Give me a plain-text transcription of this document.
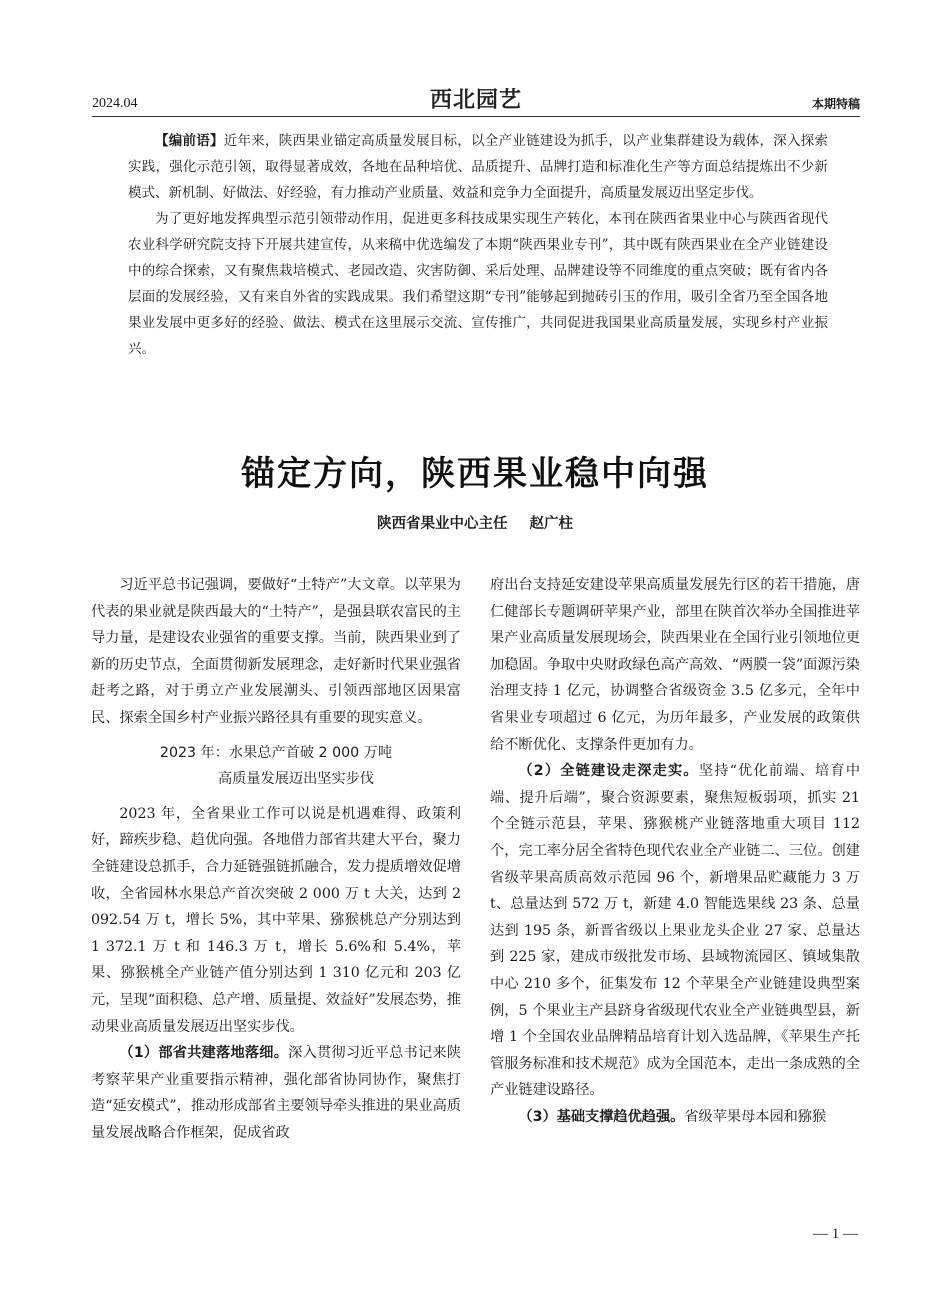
2024.04	西北园艺	本期特稿

【编前语】近年来，陕西果业锚定高质量发展目标，以全产业链建设为抓手，以产业集群建设为载体，深入探索实践，强化示范引领，取得显著成效，各地在品种培优、品质提升、品牌打造和标准化生产等方面总结提炼出不少新模式、新机制、好做法、好经验，有力推动产业质量、效益和竞争力全面提升，高质量发展迈出坚定步伐。

为了更好地发挥典型示范引领带动作用，促进更多科技成果实现生产转化，本刊在陕西省果业中心与陕西省现代农业科学研究院支持下开展共建宣传，从来稿中优选编发了本期“陕西果业专刊”，其中既有陕西果业在全产业链建设中的综合探索，又有聚焦栽培模式、老园改造、灾害防御、采后处理、品牌建设等不同维度的重点突破；既有省内各层面的发展经验，又有来自外省的实践成果。我们希望这期“专刊”能够起到抛砖引玉的作用，吸引全省乃至全国各地果业发展中更多好的经验、做法、模式在这里展示交流、宣传推广，共同促进我国果业高质量发展，实现乡村产业振兴。

锚定方向，陕西果业稳中向强
陕西省果业中心主任 赵广柱

习近平总书记强调，要做好“土特产”大文章。以苹果为代表的果业就是陕西最大的“土特产”，是强县联农富民的主导力量，是建设农业强省的重要支撑。当前，陕西果业到了新的历史节点，全面贯彻新发展理念，走好新时代果业强省赶考之路，对于勇立产业发展潮头、引领西部地区因果富民、探索全国乡村产业振兴路径具有重要的现实意义。

2023 年：水果总产首破 2 000 万吨
高质量发展迈出坚实步伐

2023 年，全省果业工作可以说是机遇难得、政策利好，蹄疾步稳、趋优向强。各地借力部省共建大平台，聚力全链建设总抓手，合力延链强链抓融合，发力提质增效促增收，全省园林水果总产首次突破 2 000 万 t 大关，达到 2 092.54 万 t，增长 5%，其中苹果、猕猴桃总产分别达到 1 372.1 万 t 和 146.3 万 t，增长 5.6%和 5.4%，苹果、猕猴桃全产业链产值分别达到 1 310 亿元和 203 亿元，呈现“面积稳、总产增、质量提、效益好”发展态势，推动果业高质量发展迈出坚实步伐。

（1）部省共建落地落细。深入贯彻习近平总书记来陕考察苹果产业重要指示精神，强化部省协同协作，聚焦打造“延安模式”，推动形成部省主要领导牵头推进的果业高质量发展战略合作框架，促成省政

府出台支持延安建设苹果高质量发展先行区的若干措施，唐仁健部长专题调研苹果产业，部里在陕首次举办全国推进苹果产业高质量发展现场会，陕西果业在全国行业引领地位更加稳固。争取中央财政绿色高产高效、“两膜一袋”面源污染治理支持 1 亿元，协调整合省级资金 3.5 亿多元，全年中省果业专项超过 6 亿元，为历年最多，产业发展的政策供给不断优化、支撑条件更加有力。

（2）全链建设走深走实。坚持“优化前端、培育中端、提升后端”，聚合资源要素，聚焦短板弱项，抓实 21 个全链示范县，苹果、猕猴桃产业链落地重大项目 112 个，完工率分居全省特色现代农业全产业链二、三位。创建省级苹果高质高效示范园 96 个，新增果品贮藏能力 3 万 t、总量达到 572 万 t，新建 4.0 智能选果线 23 条、总量达到 195 条，新晋省级以上果业龙头企业 27 家、总量达到 225 家，建成市级批发市场、县域物流园区、镇域集散中心 210 多个，征集发布 12 个苹果全产业链建设典型案例，5 个果业主产县跻身省级现代农业全产业链典型县，新增 1 个全国农业品牌精品培育计划入选品牌，《苹果生产托管服务标准和技术规范》成为全国范本，走出一条成熟的全产业链建设路径。

（3）基础支撑趋优趋强。省级苹果母本园和猕猴

— 1 —
